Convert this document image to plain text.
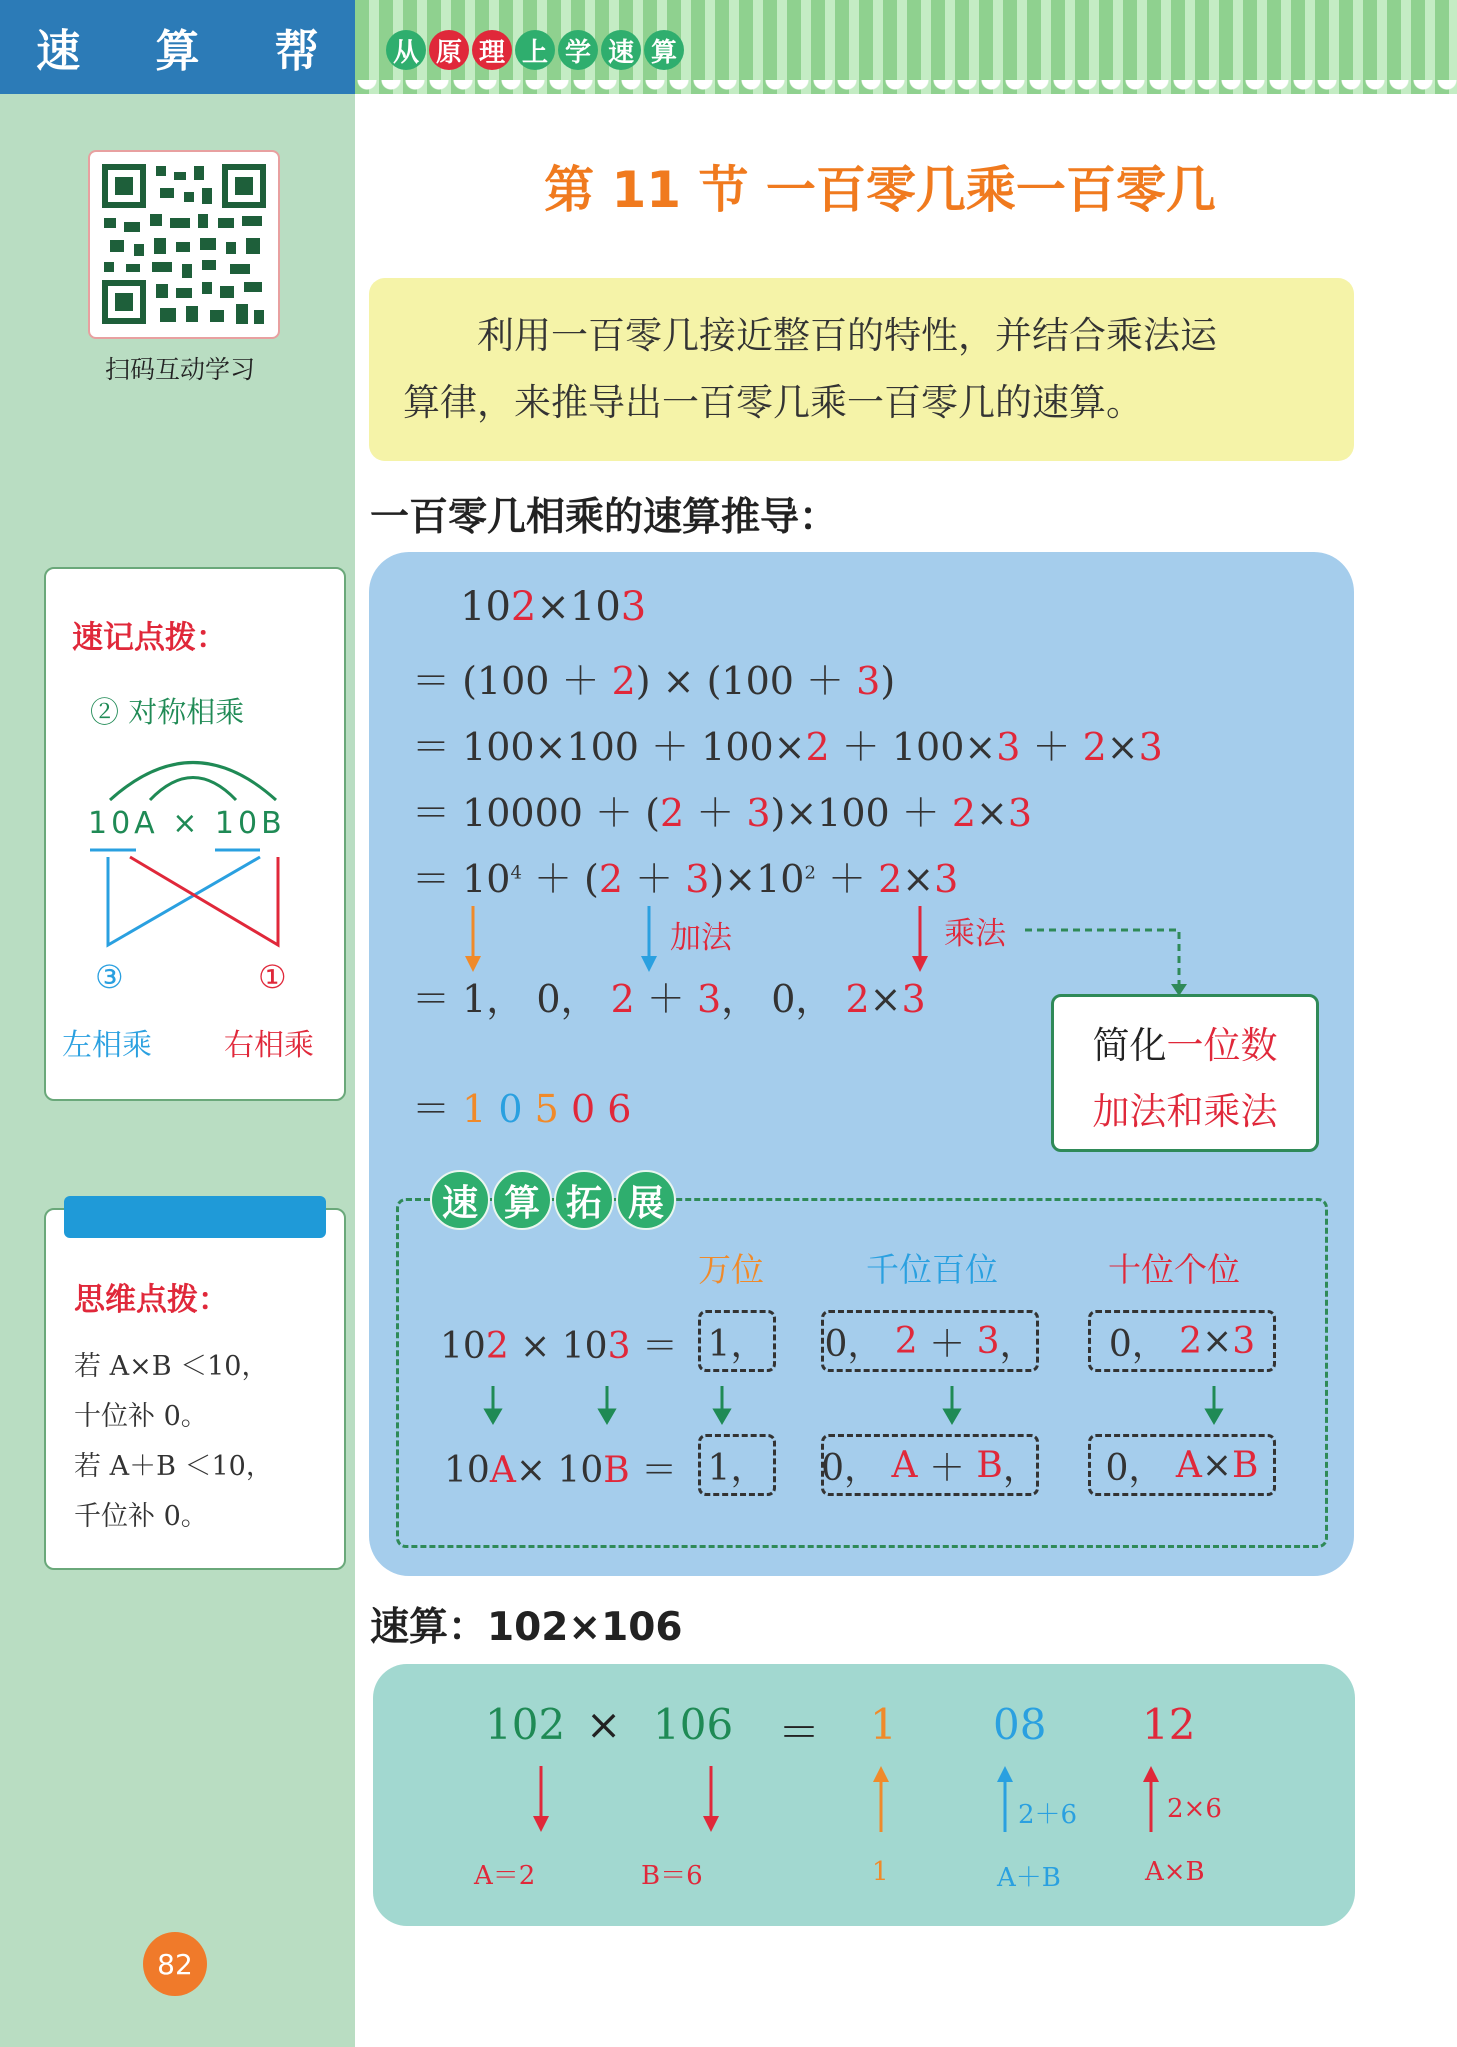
速 算 帮 从 原 理 上 学 速 算
扫码互动学习
速记点拨：
② 对称相乘
10A × 10B
③	①
左相乘 右相乘
思维点拨：
若 A×B ＜10，
十位补 0。
若 A＋B ＜10，
千位补 0。
82
第 11 节 一百零几乘一百零几

利用一百零几接近整百的特性，并结合乘法运

算律，来推导出一百零几乘一百零几的速算。

一百零几相乘的速算推导：
102×103
＝ (100 ＋ 2) × (100 ＋ 3)
＝ 100×100 ＋ 100×2 ＋ 100×3 ＋ 2×3
＝ 10000 ＋ (2 ＋ 3)×100 ＋ 2×3
＝ $10^4 + (2 + 3)\times 10^2 + 2\times 3$
加法	乘法
＝ 1， 0， 2 ＋ 3， 0， 2×3
＝ 1 0 5 0 6
简化一位数
加法和乘法
速 算 拓 展
万位	千位百位	十位个位
102 × 103 ＝ 1， 0， 2 ＋ 3 ，	0， 2 × 3
10A× 10B ＝ 1， 0， A ＋ B ，	0， A × B
速算：102×106
102 × 106 ＝ 1 08 12
2＋6	2×6
A＝2	B＝6	1	A＋B	A×B
